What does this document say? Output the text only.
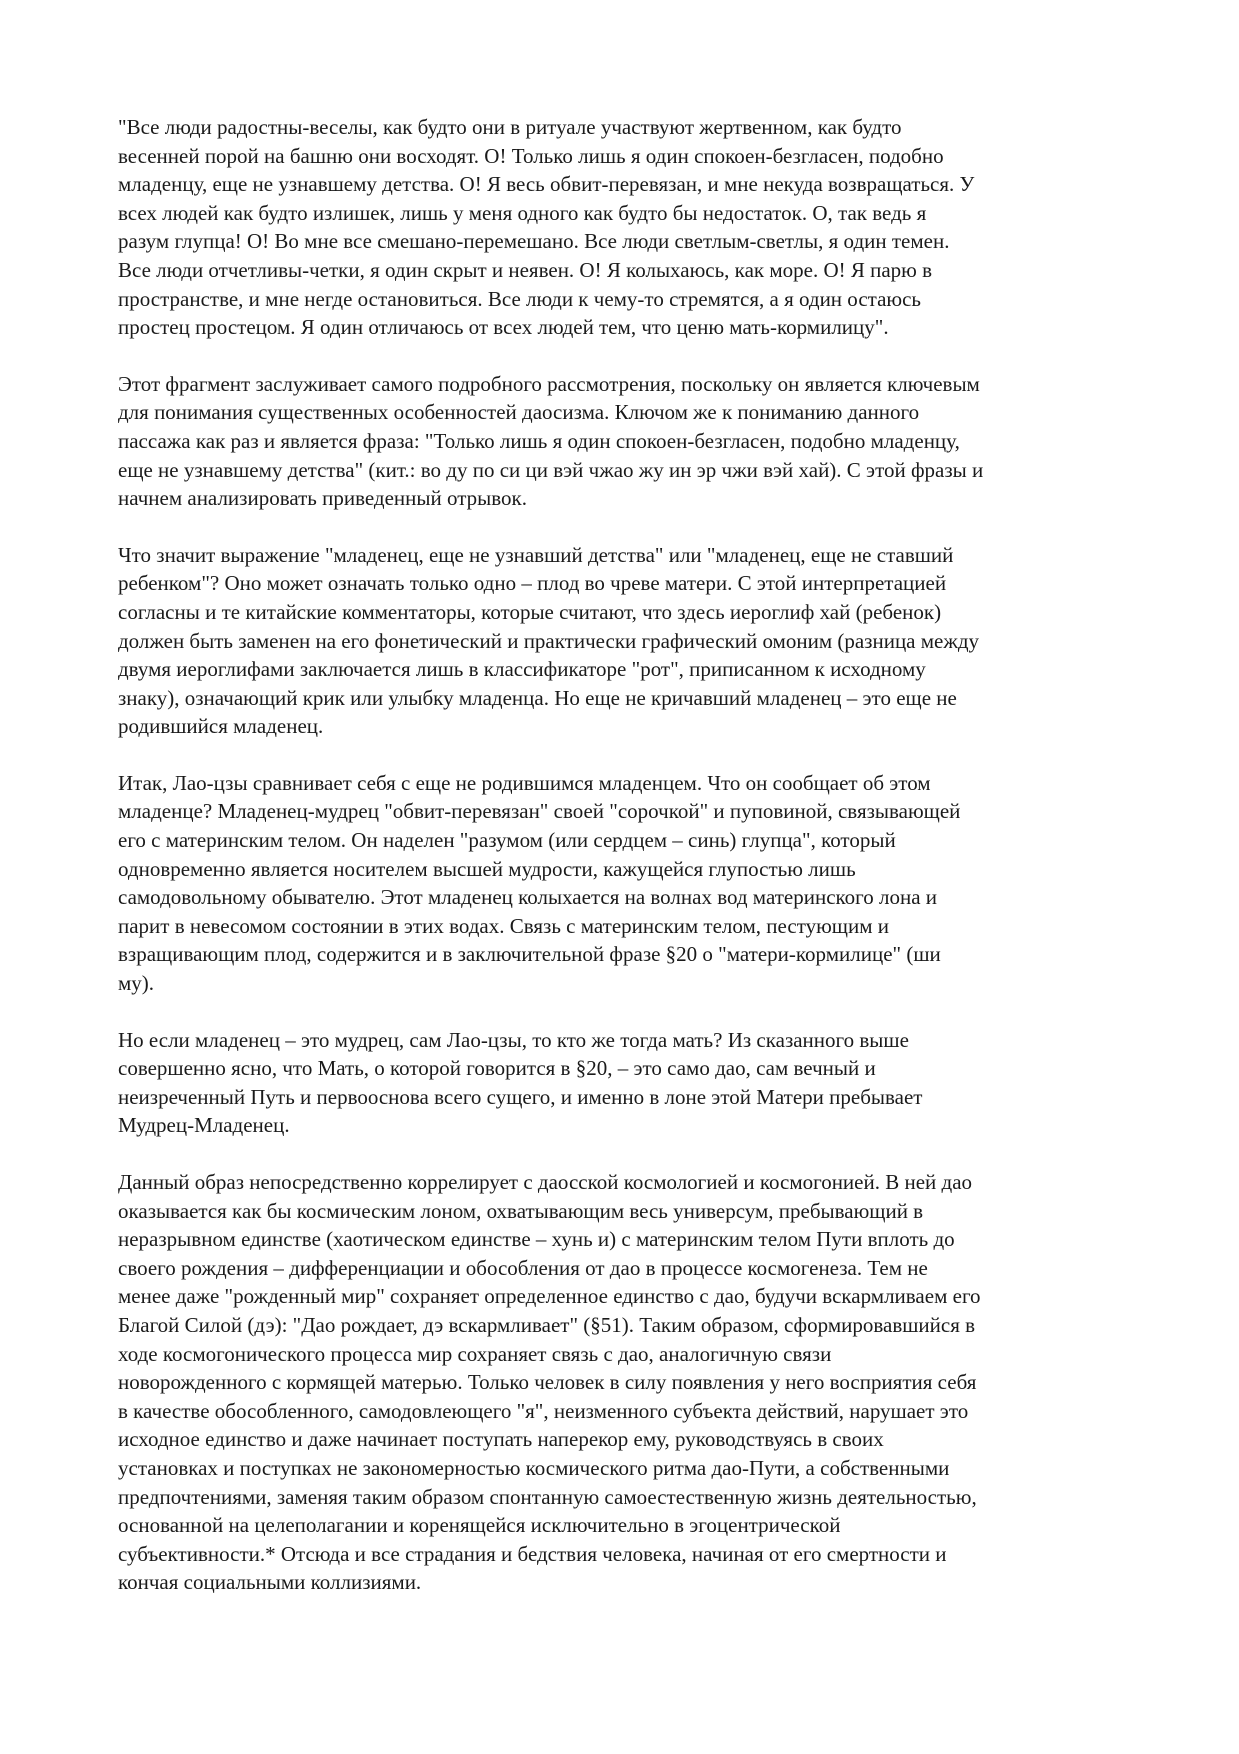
"Все люди радостны-веселы, как будто они в ритуале участвуют жертвенном, как будто
весенней порой на башню они восходят. О! Только лишь я один спокоен-безгласен, подобно
младенцу, еще не узнавшему детства. О! Я весь обвит-перевязан, и мне некуда возвращаться. У
всех людей как будто излишек, лишь у меня одного как будто бы недостаток. О, так ведь я
разум глупца! О! Во мне все смешано-перемешано. Все люди светлым-светлы, я один темен.
Все люди отчетливы-четки, я один скрыт и неявен. О! Я колыхаюсь, как море. О! Я парю в
пространстве, и мне негде остановиться. Все люди к чему-то стремятся, а я один остаюсь
простец простецом. Я один отличаюсь от всех людей тем, что ценю мать-кормилицу".

Этот фрагмент заслуживает самого подробного рассмотрения, поскольку он является ключевым
для понимания существенных особенностей даосизма. Ключом же к пониманию данного
пассажа как раз и является фраза: "Только лишь я один спокоен-безгласен, подобно младенцу,
еще не узнавшему детства" (кит.: во ду по си ци вэй чжао жу ин эр чжи вэй хай). С этой фразы и
начнем анализировать приведенный отрывок.

Что значит выражение "младенец, еще не узнавший детства" или "младенец, еще не ставший
ребенком"? Оно может означать только одно – плод во чреве матери. С этой интерпретацией
согласны и те китайские комментаторы, которые считают, что здесь иероглиф хай (ребенок)
должен быть заменен на его фонетический и практически графический омоним (разница между
двумя иероглифами заключается лишь в классификаторе "рот", приписанном к исходному
знаку), означающий крик или улыбку младенца. Но еще не кричавший младенец – это еще не
родившийся младенец.

Итак, Лао-цзы сравнивает себя с еще не родившимся младенцем. Что он сообщает об этом
младенце? Младенец-мудрец "обвит-перевязан" своей "сорочкой" и пуповиной, связывающей
его с материнским телом. Он наделен "разумом (или сердцем – синь) глупца", который
одновременно является носителем высшей мудрости, кажущейся глупостью лишь
самодовольному обывателю. Этот младенец колыхается на волнах вод материнского лона и
парит в невесомом состоянии в этих водах. Связь с материнским телом, пестующим и
взращивающим плод, содержится и в заключительной фразе §20 о "матери-кормилице" (ши
му).

Но если младенец – это мудрец, сам Лао-цзы, то кто же тогда мать? Из сказанного выше
совершенно ясно, что Мать, о которой говорится в §20, – это само дао, сам вечный и
неизреченный Путь и первооснова всего сущего, и именно в лоне этой Матери пребывает
Мудрец-Младенец.

Данный образ непосредственно коррелирует с даосской космологией и космогонией. В ней дао
оказывается как бы космическим лоном, охватывающим весь универсум, пребывающий в
неразрывном единстве (хаотическом единстве – хунь и) с материнским телом Пути вплоть до
своего рождения – дифференциации и обособления от дао в процессе космогенеза. Тем не
менее даже "рожденный мир" сохраняет определенное единство с дао, будучи вскармливаем его
Благой Силой (дэ): "Дао рождает, дэ вскармливает" (§51). Таким образом, сформировавшийся в
ходе космогонического процесса мир сохраняет связь с дао, аналогичную связи
новорожденного с кормящей матерью. Только человек в силу появления у него восприятия себя
в качестве обособленного, самодовлеющего "я", неизменного субъекта действий, нарушает это
исходное единство и даже начинает поступать наперекор ему, руководствуясь в своих
установках и поступках не закономерностью космического ритма дао-Пути, а собственными
предпочтениями, заменяя таким образом спонтанную самоестественную жизнь деятельностью,
основанной на целеполагании и коренящейся исключительно в эгоцентрической
субъективности.* Отсюда и все страдания и бедствия человека, начиная от его смертности и
кончая социальными коллизиями.
